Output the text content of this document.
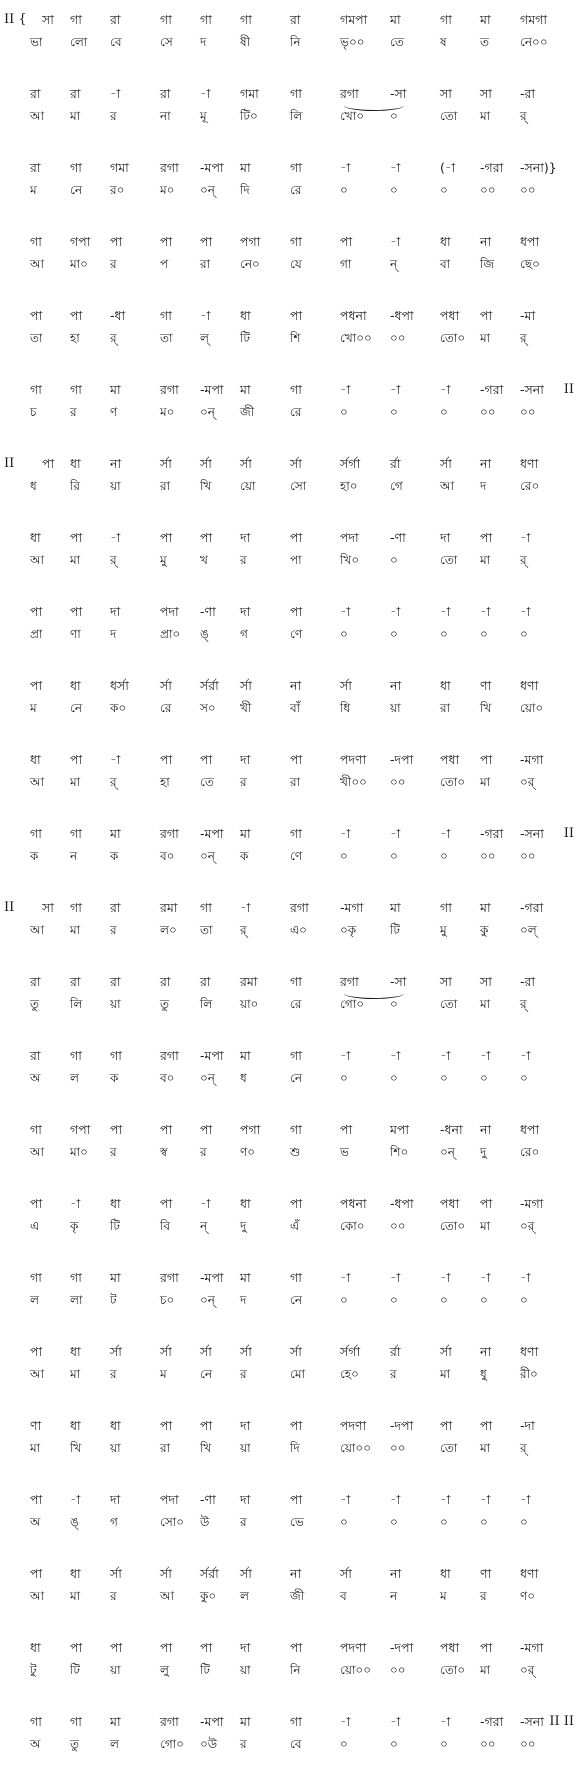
সা গা রা	গা গা গা	রা	গমপা মা	গা মা গমগা
ভা লো বে	সে দ	ষী	নি	ভৃ০০ তে	ষ	ত	নে০০
II {
রা রা -া	রা -া গমা গা	রগা	-সা	সা সা -রা
আ মা র	না মূ	টি০	লি	খো০ ০	তো মা র্
রা গা গমা রগা -মপা মা	গা	-া	-া	(-া -গরা -সনা)}
ম	নে র০	ম০ ০ন্ দি	রে	০	০	০	০০ ০০
গা গপা পা	পা পা পগা গা	পা	-া	ধা না ধপা
আ মা০ র	প	রা নে০	যে	গা	ন্	বা জি ছে০
পা পা -ধা	গা -া ধা	পা	পধনা -ধপা পধা পা -মা
তা হা	র্	তা ল্	টি	শি	খো০০ ০০	তো০ মা র্
গা গা মা	রগা -মপা মা	গা	-া	-া	-া -গরা -সনা
চ	র	ণ	ম০ ০ন্ জী	রে	০	০	০	০০ ০০
II
পা ধা না	র্সা র্সা র্সা	র্সা	র্সর্গা র্রা	র্সা না ধণা
ধ	রি য়া	রা খি য়ো	সো	হা০	গে	আ দ	রে০
II
ধা পা -া	পা পা দা	পা	পদা	-ণা	দা পা -া
আ মা র্	মু	খ	র	পা	খি০	০	তো মা র্
পা পা দা	পদা -ণা দা	পা	-া	-া	-া -া -া
প্রা ণা দ	প্রা০ ঙ্	গ	ণে	০	০	০	০	০
পা ধা ধর্সা র্সা র্সর্রা র্সা	না	র্সা	না	ধা ণা ধণা
ম	নে ক০	রে স০ খী	বাঁ	ধি	য়া	রা খি য়ো০
ধা পা -া	পা পা দা	পা	পদণা -দপা পধা পা -মগা
আ মা র্	হা	তে র	রা	খী০০ ০০	তো০ মা ০র্
গা গা মা	রগা -মপা মা	গা	-া	-া	-া -গরা -সনা
ক	ন	ক	ব০ ০ন্ ক	ণে	০	০	০	০০ ০০
II
সা গা রা	রমা গা -া	রগা	-মগা মা	গা মা -গরা
আ মা র	ল০ তা র্	এ০	০কৃ	টি	মু	কু	০ল্
II
রা রা রা	রা রা রমা	গা	রগা	-সা	সা সা -রা
তু	লি য়া	তু	লি য়া০	রে	গো০ ০	তো মা র্
রা গা গা	রগা -মপা মা	গা	-া	-া	-া -া -া
অ ল	ক	ব০ ০ন্ ধ	নে	০	০	০	০	০
গা গপা পা	পা পা পগা গা	পা	মপা -ধনা না ধপা
আ মা০ র	স্ব	র	ণ০	শু	ভ	শি০	০ন্ দু	রে০
পা -া ধা	পা -া ধা	পা	পধনা -ধপা পধা পা -মগা
এ	কৃ	টি	বি ন্	দু	এঁ	কো০ ০০	তো০ মা ০র্
গা গা মা	রগা -মপা মা	গা	-া	-া	-া -া -া
ল	লা ট	চ০ ০ন্ দ	নে	০	০	০	০	০
পা ধা র্সা	র্সা র্সা র্সা	র্সা	র্সর্গা র্রা	র্সা না ধণা
আ মা র	ম	নে র	মো	হে০	র	মা ধু	রী০
ণা ধা ধা	পা পা দা	পা	পদণা -দপা পা পা -দা
মা খি য়া	রা খি য়া	দি	য়ো০০ ০০	তো মা র্
পা -া দা	পদা -ণা দা	পা	-া	-া	-া -া -া
অ ঙ্	গ	সো০ উ	র	ভে	০	০	০	০	০
পা ধা র্সা	র্সা র্সর্রা র্সা	না	র্সা	না	ধা ণা ধণা
আ মা র	আ কু০ ল	জী	ব	ন	ম	র	ণ০
ধা পা পা	পা পা দা	পা	পদণা -দপা পধা পা -মগা
টু	টি	য়া	লু	টি	য়া	নি	য়ো০০ ০০	তো০ মা ০র্
গা গা মা	রগা -মপা মা	গা	-া	-া	-া -গরা -সনা
অ তু	ল	গো০ ০উ র	বে	০	০	০	০০ ০০
II II
